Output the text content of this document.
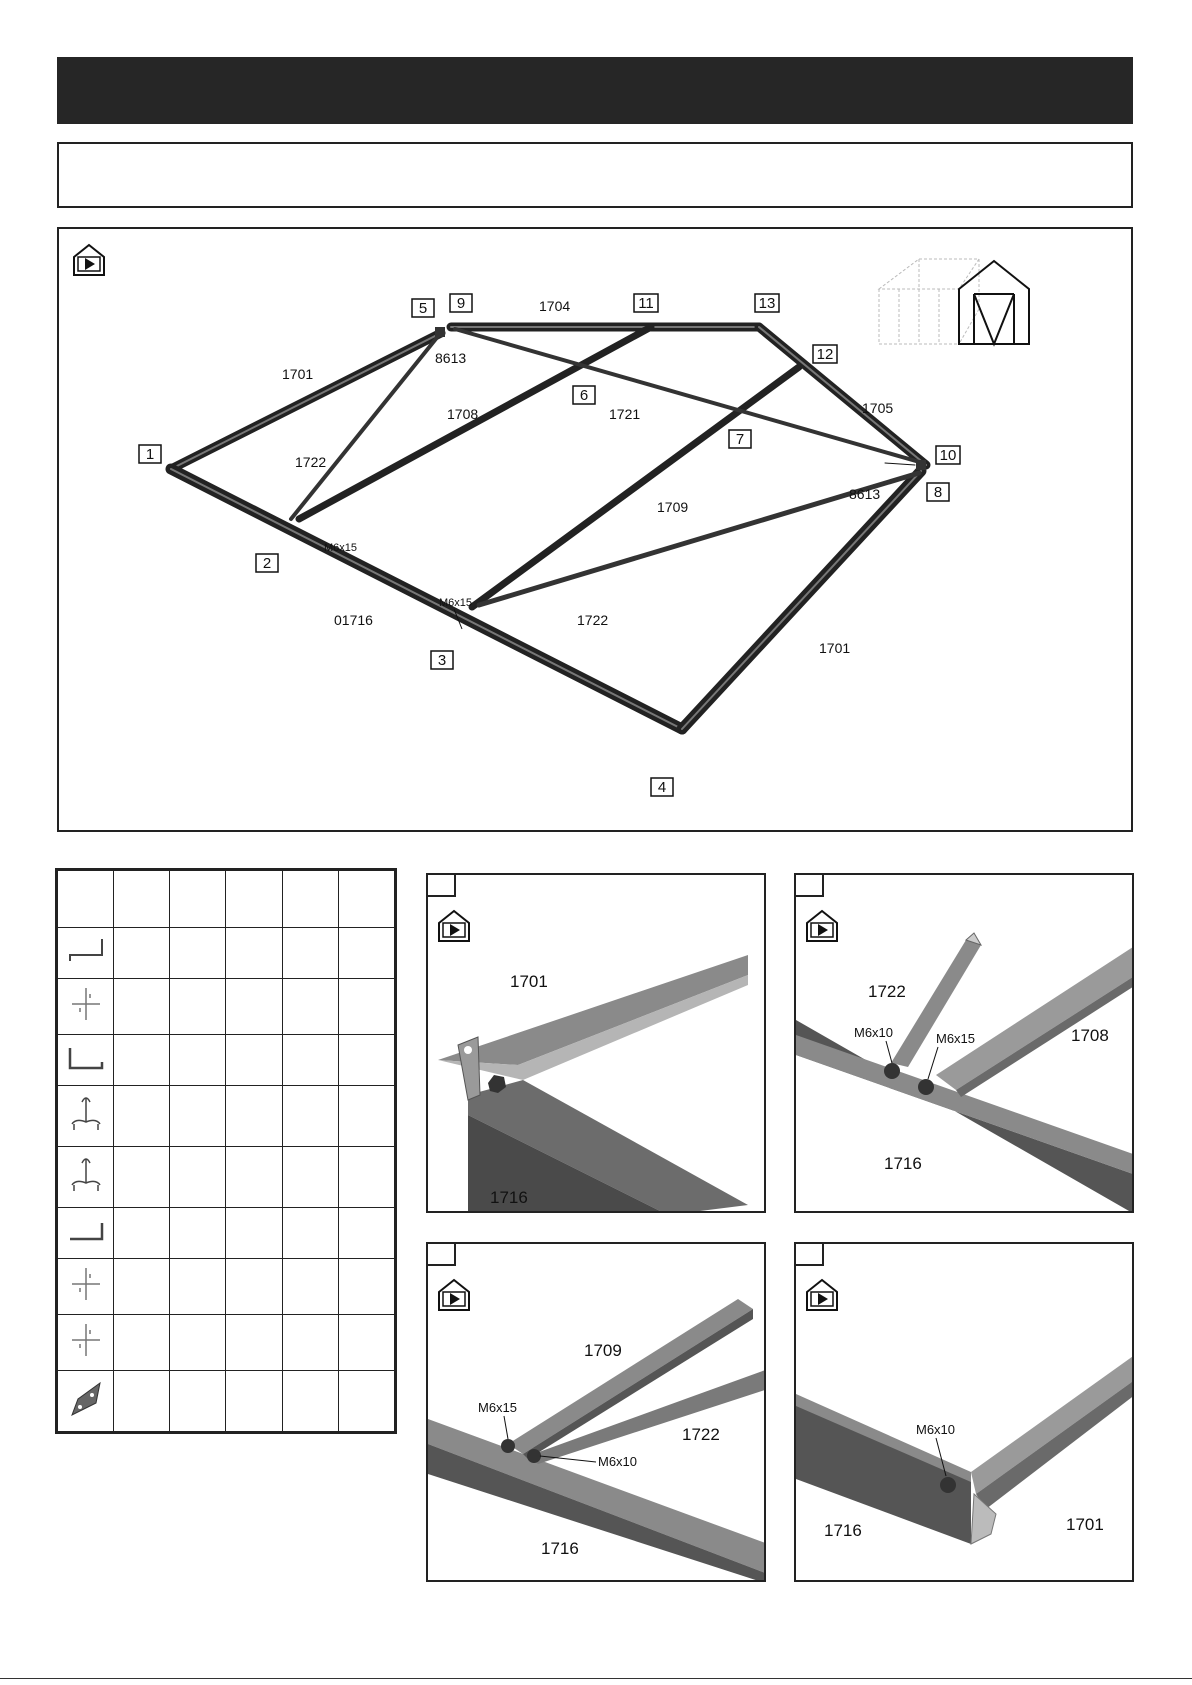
1
2
3
4
5
6
7
8
9
10
11
12
13
1701
1704
1705
1708	1721
1722
1709
8613
8613
M6x15
M6x15
01716	1722
1701

1701
1716
1722
1708
1716
M6x10	M6x15
1709
1722
1716
M6x15
M6x10
1701
1716
M6x10
